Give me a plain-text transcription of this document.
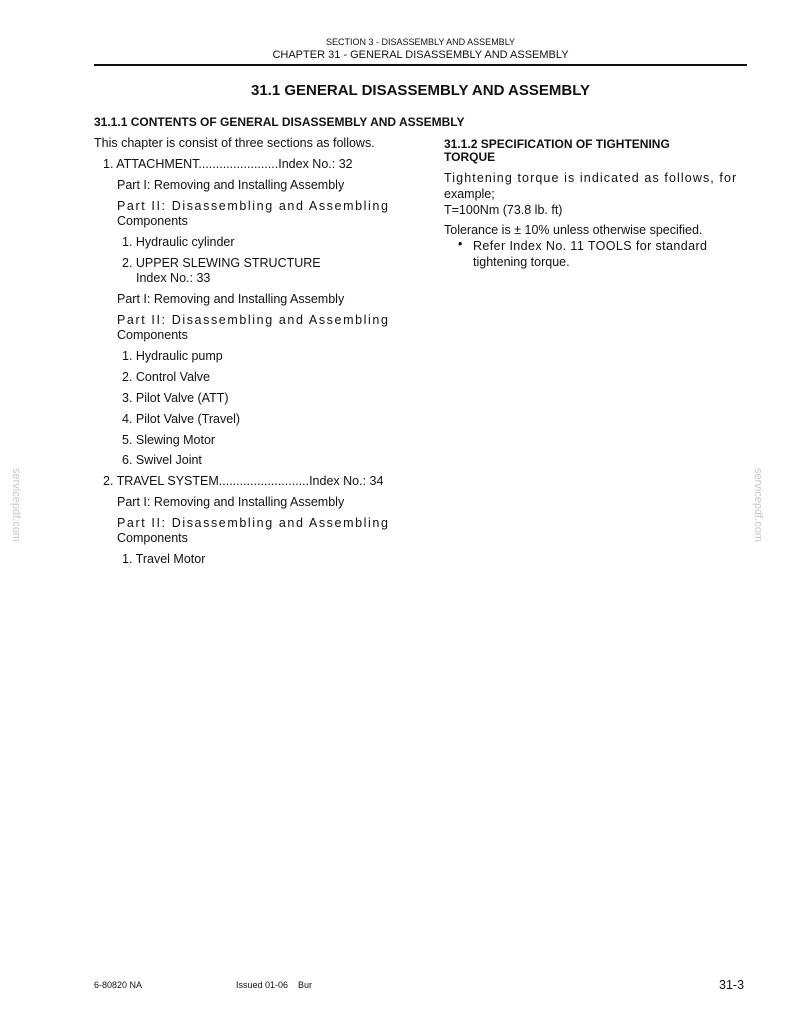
SECTION 3 - DISASSEMBLY AND ASSEMBLY
CHAPTER 31 - GENERAL DISASSEMBLY AND ASSEMBLY
31.1 GENERAL DISASSEMBLY AND ASSEMBLY
31.1.1 CONTENTS OF GENERAL DISASSEMBLY AND ASSEMBLY
This chapter is consist of three sections as follows.
1. ATTACHMENT.......................Index No.: 32
Part I: Removing and Installing Assembly
Part II: Disassembling and Assembling
Components
1. Hydraulic cylinder
2. UPPER SLEWING STRUCTURE
Index No.: 33
Part I: Removing and Installing Assembly
Part II: Disassembling and Assembling
Components
1. Hydraulic pump
2. Control Valve
3. Pilot Valve (ATT)
4. Pilot Valve (Travel)
5. Slewing Motor
6. Swivel Joint
2. TRAVEL SYSTEM..........................Index No.: 34
Part I: Removing and Installing Assembly
Part II: Disassembling and Assembling
Components
1. Travel Motor
31.1.2 SPECIFICATION OF TIGHTENING
TORQUE
Tightening torque is indicated as follows, for
example;
T=100Nm (73.8 lb. ft)
Tolerance is ± 10% unless otherwise specified.
• Refer Index No. 11 TOOLS for standard
tightening torque.
servicepdf.com	servicepdf.com
6-80820 NA	Issued 01-06    Bur	31-3
